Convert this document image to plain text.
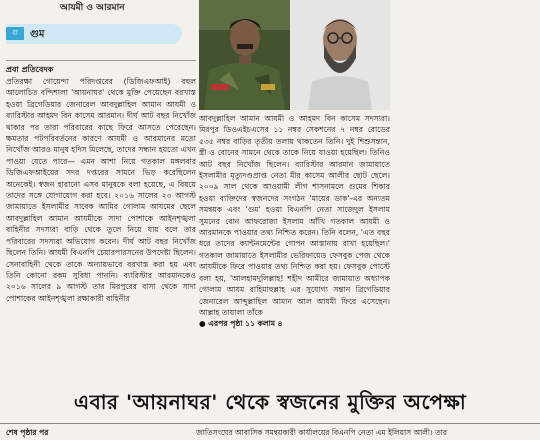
আযমী ও আরমান
বা	গুম
প্রবা প্রতিবেদক

প্রতিরক্ষা গোয়েন্দা পরিদপ্তরের (ডিজিএফআই) বহুল আলোচিত বন্দিশালা 'আয়নাঘর' থেকে মুক্তি পেয়েছেন বরখাস্ত হওয়া ব্রিগেডিয়ার জেনারেল আবদুল্লাহিল আমান আযমী ও ব্যারিস্টার আহমদ বিন কাসেম আরমান। দীর্ঘ আট বছর নিখোঁজ থাকার পর তারা পরিবারের কাছে ফিরে আসতে পেরেছেন। ক্ষমতার পটপরিবর্তনের কারণে আযমী ও আরমানের মতো নিখোঁজ আরও মানুষ হদিস মিলেছে, তাদের সন্ধান হয়তো এখন পাওয়া যেতে পারে— এমন আশা নিয়ে গতকাল মঙ্গলবার ডিজিএফআইয়ের সদর দপ্তরের সামনে ভিড় করেছিলেন অনেকেই। স্বজন হারানো এসব মানুষকে বলা হয়েছে, এ বিষয়ে তাদের সঙ্গে যোগাযোগ করা হবে। ২০১৬ সালের ২৩ আগস্ট জামায়াতে ইসলামীর সাবেক আমির গোলাম আযমের ছেলে আবদুল্লাহিল আমান আযমীকে সাদা পোশাকে আইনশৃঙ্খলা বাহিনীর সদস্যরা বাড়ি থেকে তুলে নিয়ে যায় বলে তার পরিবারের সদস্যরা অভিযোগ করেন। দীর্ঘ আট বছর নিখোঁজ ছিলেন তিনি। আযমী বিএনপি চেয়ারপারসনের উপদেষ্টা ছিলেন। সেনাবাহিনী থেকে তাকে অন্যায়ভাবে বরখাস্ত করা হয় এবং তিনি কোনো রকম সুবিধা পাননি। ব্যারিস্টার আরমানকেও ২০১৬ সালের ৯ আগস্ট তার মিরপুরের বাসা থেকে সাদা পোশাকের আইনশৃঙ্খলা রক্ষাকারী বাহিনীর

আবদুল্লাহিল আমান আযমী ও আহমদ বিন কাসেম সদস্যরা। মিরপুর ডিওএইচএসের ১১ নম্বর সেকশনের ৭ নম্বর রোডের ৫৩৫ নম্বর বাড়ির তৃতীয় তলায় থাকতেন তিনি। দুই শিশুসন্তান, স্ত্রী ও বোনের সামনে থেকে তাকে নিয়ে যাওয়া হয়েছিল। তিনিও আট বছর নিখোঁজ ছিলেন। ব্যারিস্টার আরমান জামায়াতে ইসলামীর মৃত্যুদণ্ডপ্রাপ্ত নেতা মীর কাসেম আলীর ছোট ছেলে। ২০০৯ সাল থেকে আওয়ামী লীগ শাসনামলে গুমের শিকার হওয়া ব্যক্তিদের স্বজনদের সংগঠন 'মায়ের ডাক'-এর অন্যতম সমন্বয়ক এবং 'গুম' হওয়া বিএনপি নেতা সাজেদুল ইসলাম সুমনের বোন আফরোজা ইসলাম আঁখি গতকাল আযমী ও আরমানকে পাওয়ার তথ্য নিশ্চিত করেন। তিনি বলেন, 'এত বছর ধরে তাদের ক্যান্টনমেন্টের গোপন আস্তানায় রাখা হয়েছিল।' গতকাল জামায়াতে ইসলামীর ভেরিফায়েড ফেসবুক পেজ থেকে আযমীকে ফিরে পাওয়ার তথ্য নিশ্চিত করা হয়। ফেসবুক পোস্টে বলা হয়, 'আলহামদুলিল্লাহ! শহীদ আমীরে জামায়াত অধ্যাপক গোলাম আযম রাহিমাহুল্লাহ এর সুযোগ্য সন্তান ব্রিগেডিয়ার জেনারেল আব্দুল্লাহিল আমান আল আযমী ফিরে এসেছেন। আল্লাহ তায়ালা তাঁকে

● এরপর পৃষ্ঠা ১১ কলাম ৪

এবার 'আয়নাঘর' থেকে স্বজনের মুক্তির অপেক্ষা
শেষ পৃষ্ঠার পর	জাতিসংঘের আবাসিক সমন্বয়কারী কার্যালয়ের বিএনপি নেতা এম ইলিয়াস আলী। তার
